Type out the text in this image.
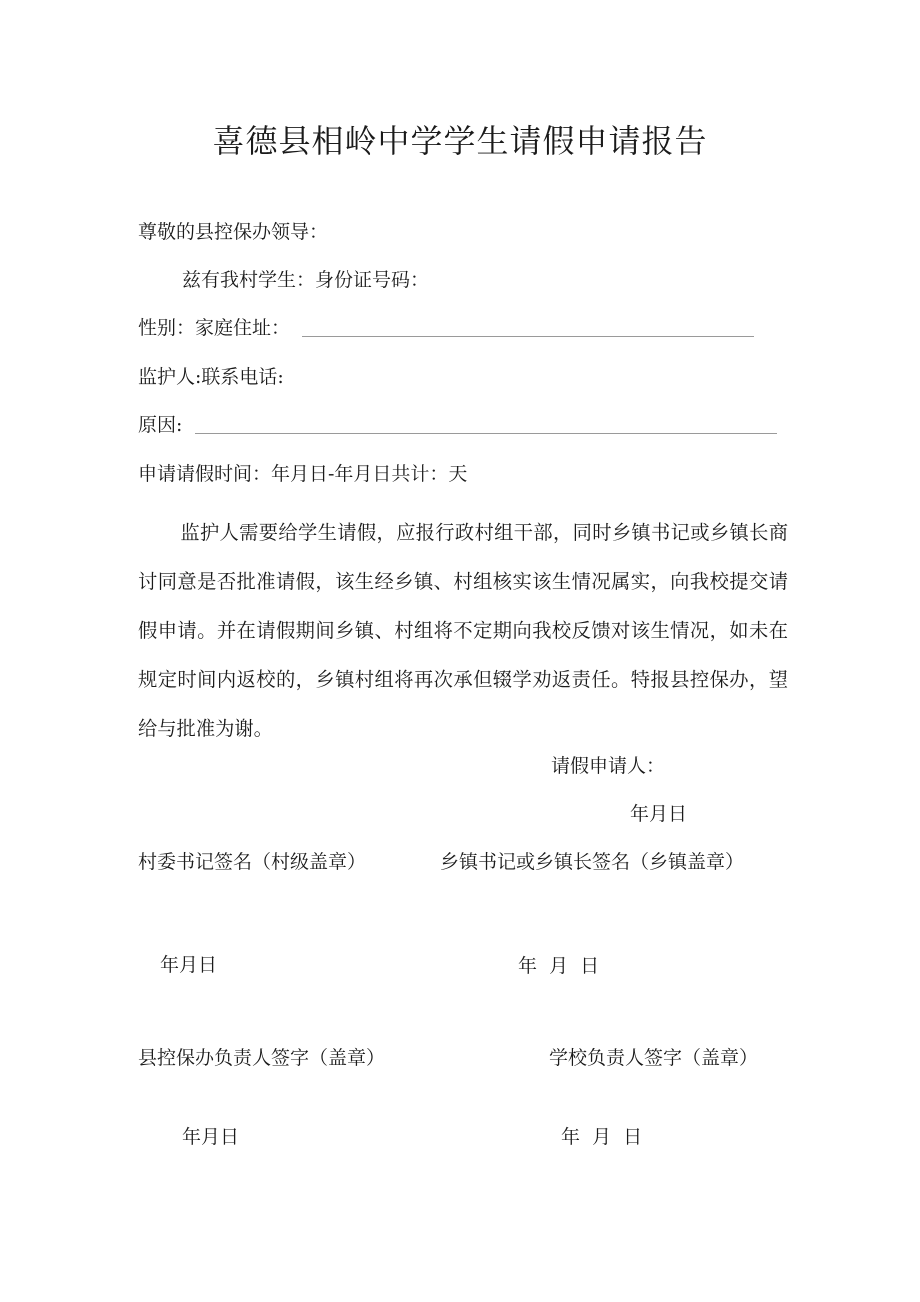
喜德县相岭中学学生请假申请报告
尊敬的县控保办领导：
兹有我村学生：身份证号码：
性别：家庭住址：
监护人:联系电话:
原因:
申请请假时间：年月日-年月日共计：天
监护人需要给学生请假，应报行政村组干部，同时乡镇书记或乡镇长商讨同意是否批准请假，该生经乡镇、村组核实该生情况属实，向我校提交请假申请。并在请假期间乡镇、村组将不定期向我校反馈对该生情况，如未在规定时间内返校的，乡镇村组将再次承但辍学劝返责任。特报县控保办，望给与批准为谢。
请假申请人：
年月日
村委书记签名（村级盖章）	乡镇书记或乡镇长签名（乡镇盖章）
年月日	年  月  日
县控保办负责人签字（盖章）	学校负责人签字（盖章）
年月日	年  月  日
